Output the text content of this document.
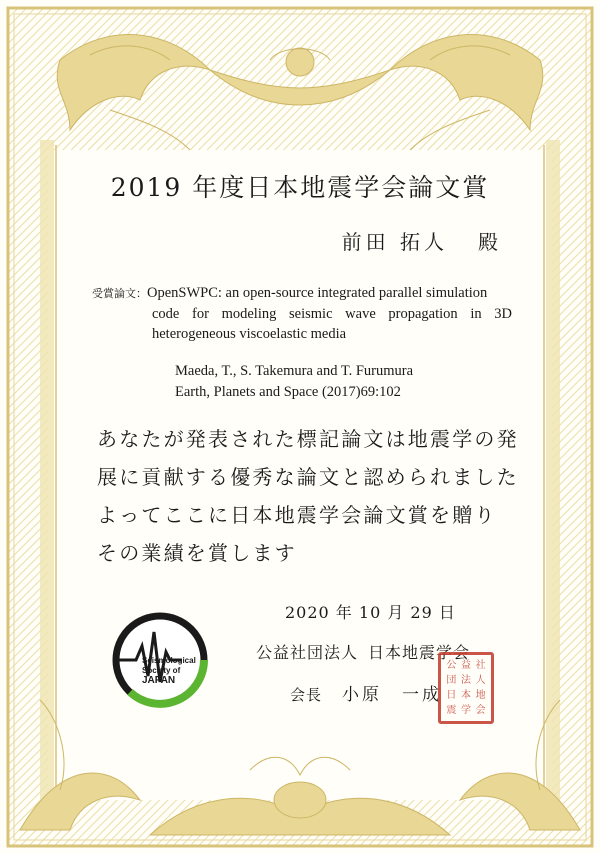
2019 年度日本地震学会論文賞
前田 拓人 殿
受賞論文：OpenSWPC: an open-source integrated parallel simulation
code for modeling seismic wave propagation in 3D heterogeneous viscoelastic media
Maeda, T., S. Takemura and T. Furumura
Earth, Planets and Space (2017)69:102
あなたが発表された標記論文は地震学の発
展に貢献する優秀な論文と認められました
よってここに日本地震学会論文賞を贈り
その業績を賞します
2020 年 10 月 29 日
公益社団法人 日本地震学会
会長 小原　一成
Seismological
Society of
JAPAN
公 益 社
団 法 人
日 本 地
震 学 会
